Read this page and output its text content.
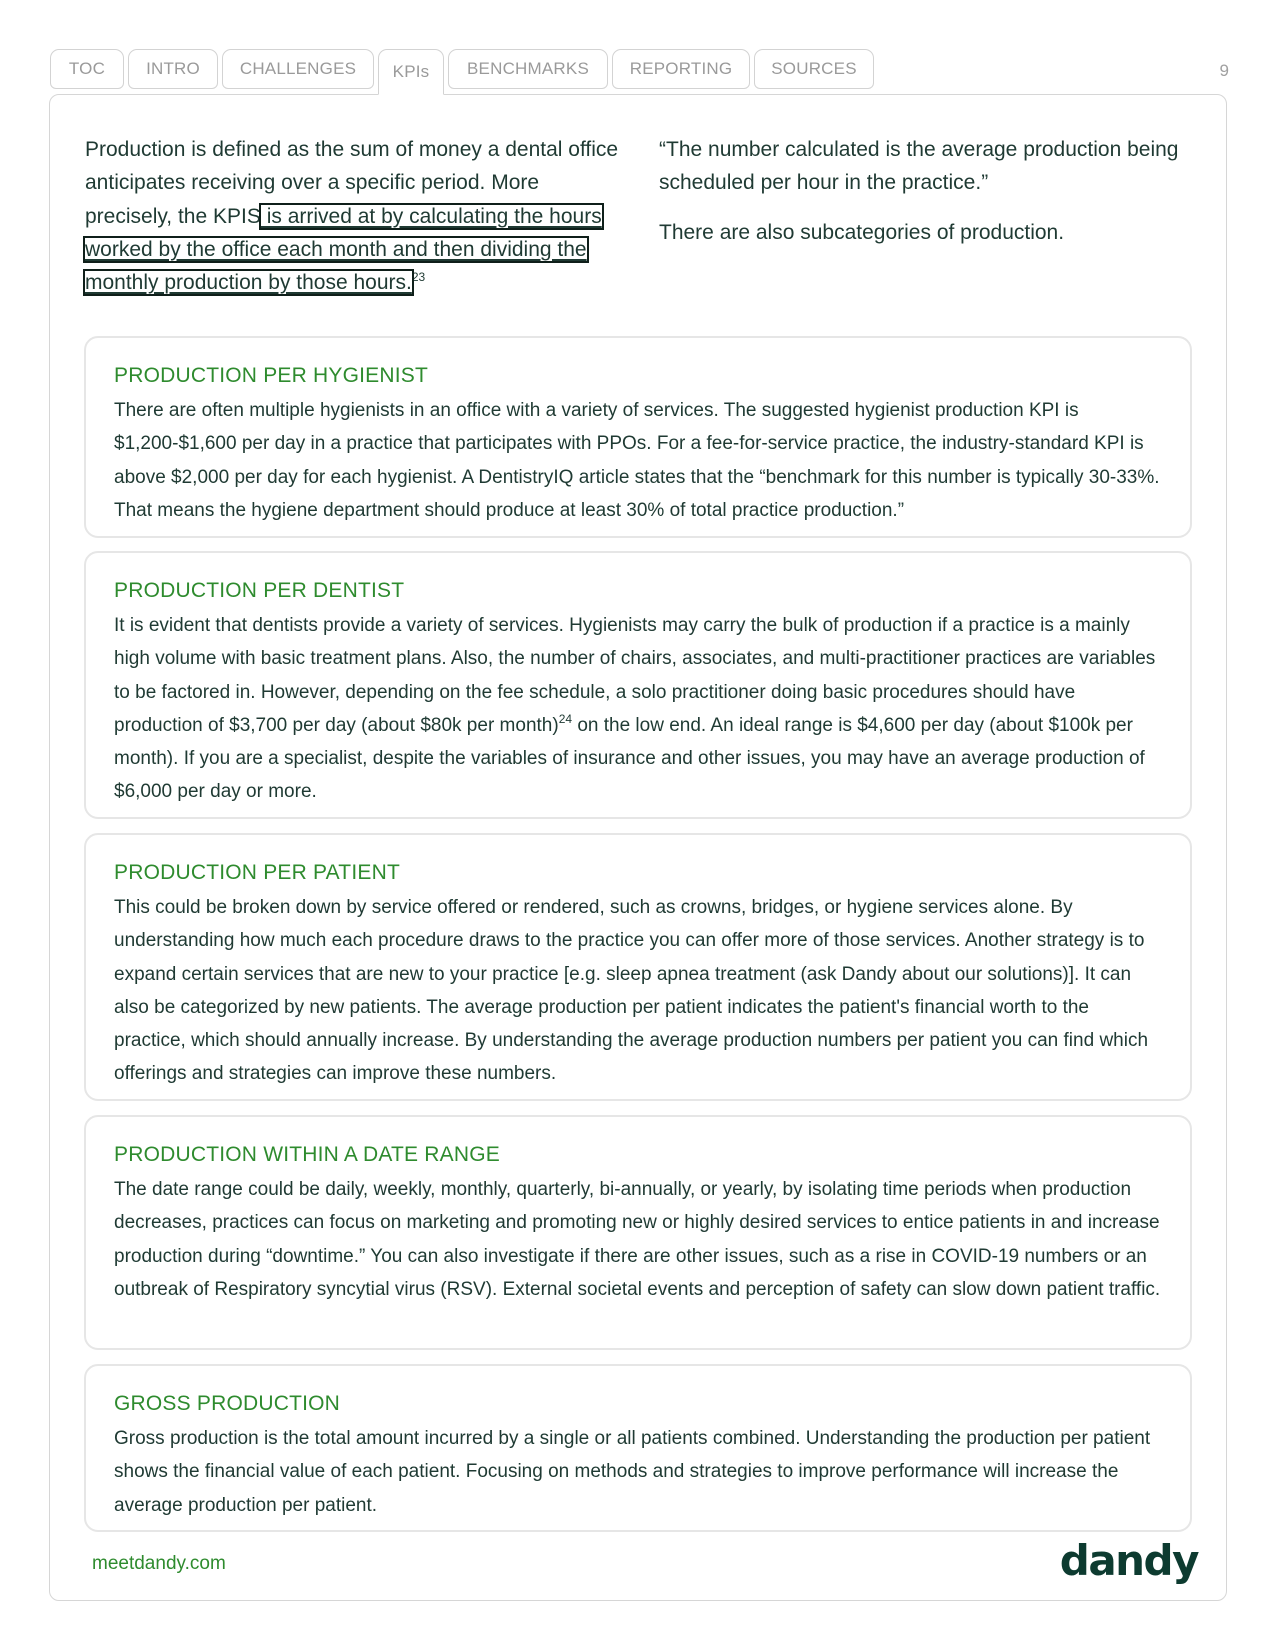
TOC	INTRO	CHALLENGES	KPIs	BENCHMARKS	REPORTING	SOURCES	9

Production is defined as the sum of money a dental office anticipates receiving over a specific period. More precisely, the KPIS is arrived at by calculating the hours worked by the office each month and then dividing the monthly production by those hours.$^{23}$

“The number calculated is the average production being scheduled per hour in the practice.”

There are also subcategories of production.

PRODUCTION PER HYGIENIST

There are often multiple hygienists in an office with a variety of services. The suggested hygienist production KPI is $1,200-$1,600 per day in a practice that participates with PPOs. For a fee-for-service practice, the industry-standard KPI is above $2,000 per day for each hygienist. A DentistryIQ article states that the “benchmark for this number is typically 30-33%. That means the hygiene department should produce at least 30% of total practice production.”

PRODUCTION PER DENTIST

It is evident that dentists provide a variety of services. Hygienists may carry the bulk of production if a practice is a mainly high volume with basic treatment plans. Also, the number of chairs, associates, and multi-practitioner practices are variables to be factored in. However, depending on the fee schedule, a solo practitioner doing basic procedures should have production of $3,700 per day (about $80k per month)$^{24}$ on the low end. An ideal range is $4,600 per day (about $100k per month). If you are a specialist, despite the variables of insurance and other issues, you may have an average production of $6,000 per day or more.

PRODUCTION PER PATIENT

This could be broken down by service offered or rendered, such as crowns, bridges, or hygiene services alone. By understanding how much each procedure draws to the practice you can offer more of those services. Another strategy is to expand certain services that are new to your practice [e.g. sleep apnea treatment (ask Dandy about our solutions)]. It can also be categorized by new patients. The average production per patient indicates the patient's financial worth to the practice, which should annually increase. By understanding the average production numbers per patient you can find which offerings and strategies can improve these numbers.

PRODUCTION WITHIN A DATE RANGE

The date range could be daily, weekly, monthly, quarterly, bi-annually, or yearly, by isolating time periods when production decreases, practices can focus on marketing and promoting new or highly desired services to entice patients in and increase production during “downtime.” You can also investigate if there are other issues, such as a rise in COVID-19 numbers or an outbreak of Respiratory syncytial virus (RSV). External societal events and perception of safety can slow down patient traffic.

GROSS PRODUCTION

Gross production is the total amount incurred by a single or all patients combined. Understanding the production per patient shows the financial value of each patient. Focusing on methods and strategies to improve performance will increase the average production per patient.

meetdandy.com	dandy
